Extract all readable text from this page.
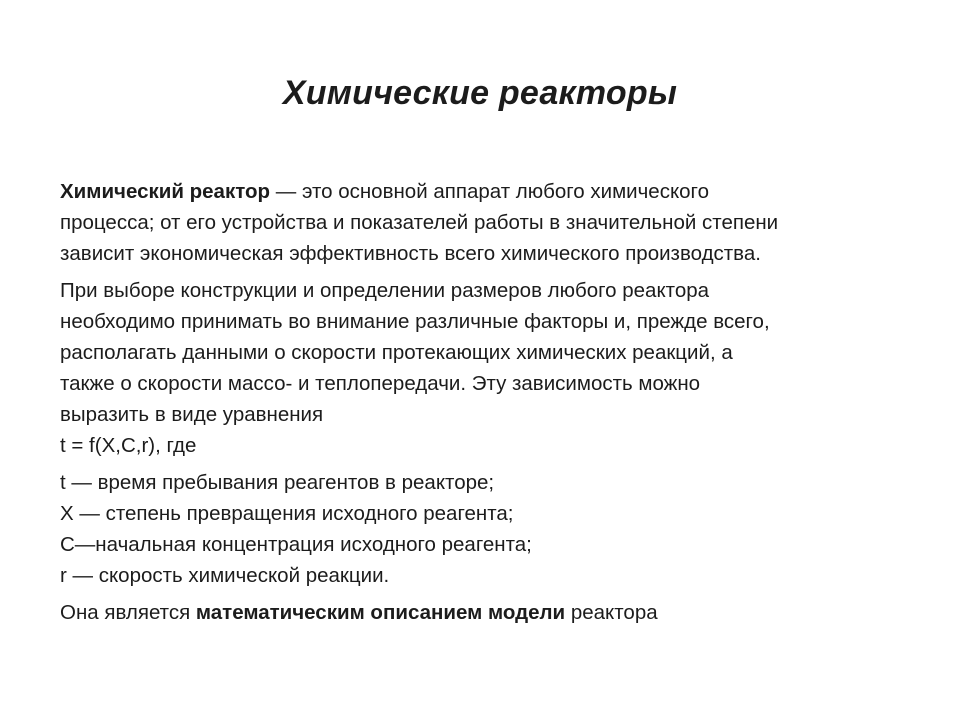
Химические реакторы

Химический реактор — это основной аппарат любого химического
процесса; от его устройства и показателей работы в значительной степени
зависит экономическая эффективность всего химического производства.

При выборе конструкции и определении размеров любого реактора
необходимо принимать во внимание различные факторы и, прежде всего,
располагать данными о скорости протекающих химических реакций, а
также о скорости массо- и теплопередачи. Эту зависимость можно
выразить в виде уравнения
t = f(X,C,r), где

t — время пребывания реагентов в реакторе;
X — степень превращения исходного реагента;
C—начальная концентрация исходного реагента;
r — скорость химической реакции.

Она является математическим описанием модели реактора
